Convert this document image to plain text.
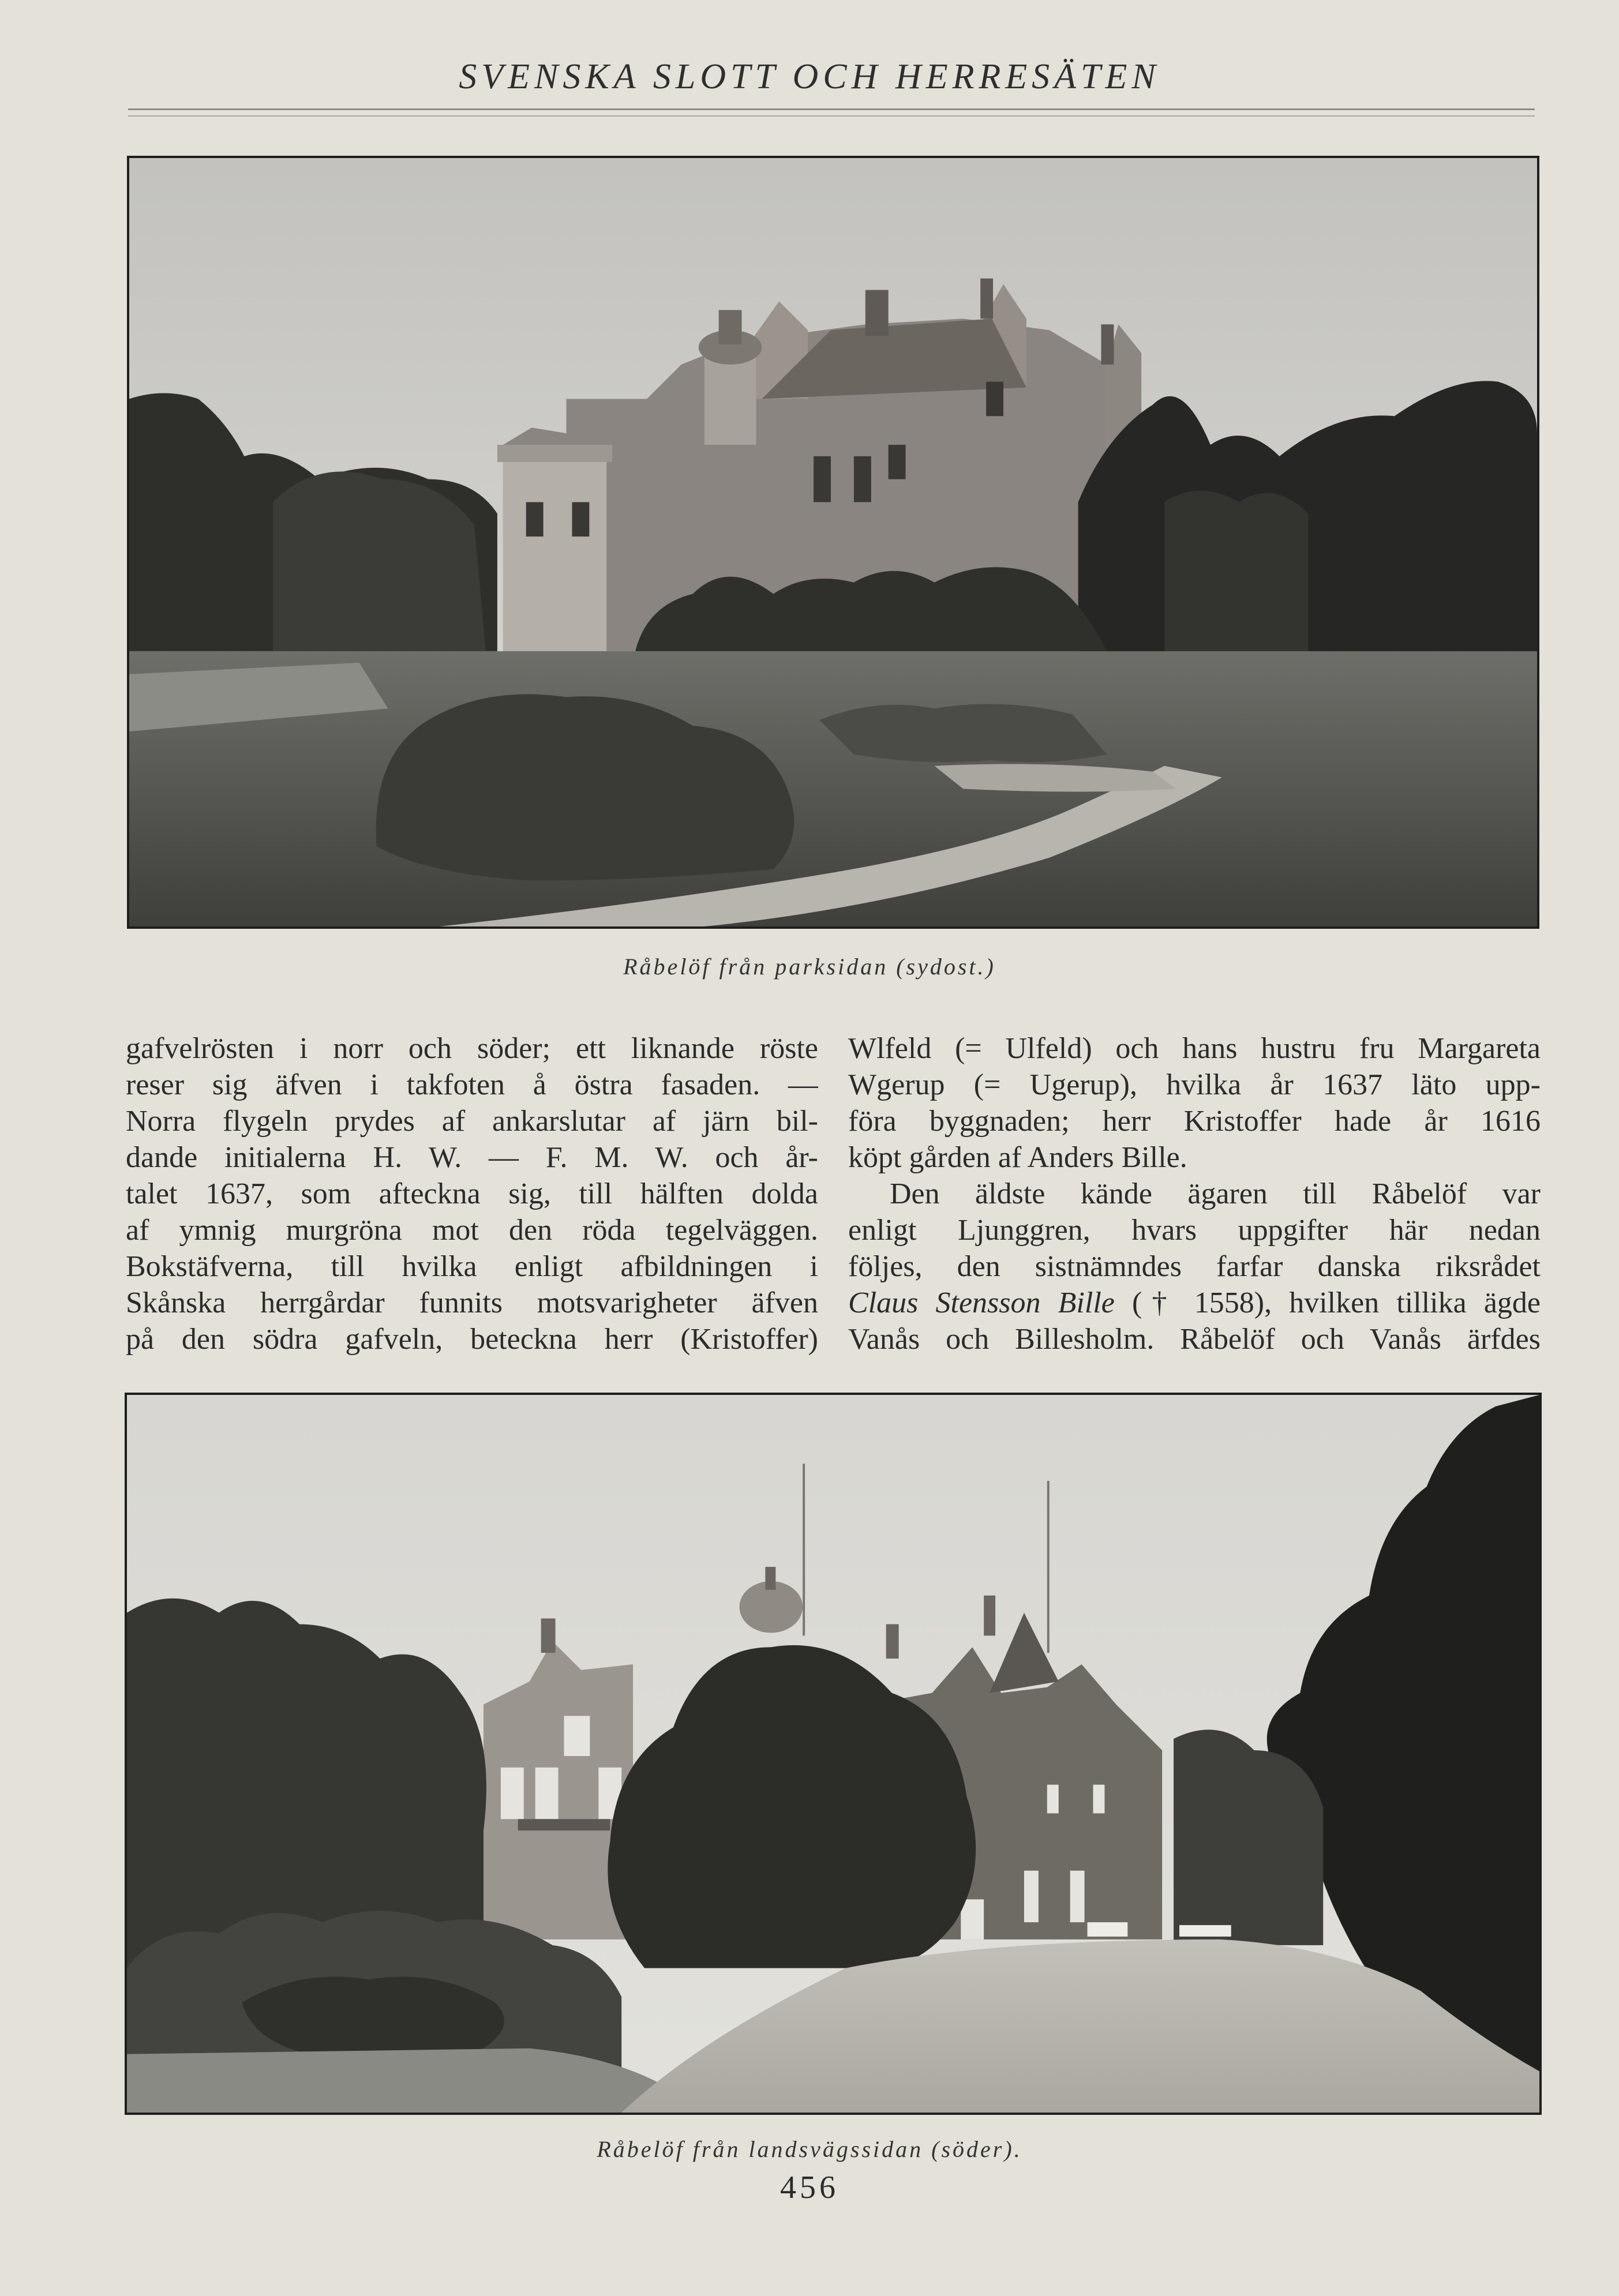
SVENSKA SLOTT OCH HERRESÄTEN
Råbelöf från parksidan (sydost.)
gafvelrösten i norr och söder; ett liknande röste
reser sig äfven i takfoten å östra fasaden. —
Norra flygeln prydes af ankarslutar af järn bil-
dande initialerna H. W. — F. M. W. och år-
talet 1637, som afteckna sig, till hälften dolda
af ymnig murgröna mot den röda tegelväggen.
Bokstäfverna, till hvilka enligt afbildningen i
Skånska herrgårdar funnits motsvarigheter äfven
på den södra gafveln, beteckna herr (Kristoffer)
Wlfeld (= Ulfeld) och hans hustru fru Margareta
Wgerup (= Ugerup), hvilka år 1637 läto upp-
föra byggnaden; herr Kristoffer hade år 1616
köpt gården af Anders Bille.
Den äldste kände ägaren till Råbelöf var
enligt Ljunggren, hvars uppgifter här nedan
följes, den sistnämndes farfar danska riksrådet
Claus Stensson Bille († 1558), hvilken tillika ägde
Vanås och Billesholm. Råbelöf och Vanås ärfdes
Råbelöf från landsvägssidan (söder).
456
